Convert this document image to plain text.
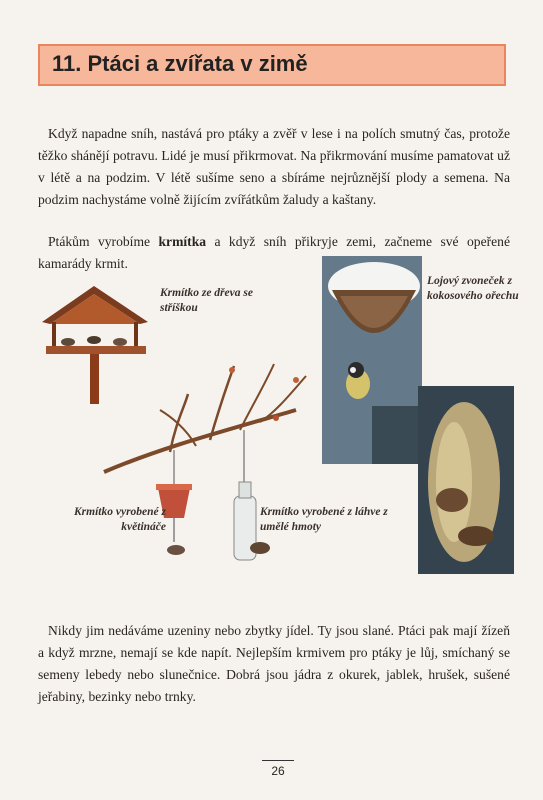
11. Ptáci a zvířata v zimě

Když napadne sníh, nastává pro ptáky a zvěř v lese i na polích smutný čas, protože těžko shánějí potravu. Lidé je musí přikrmovat. Na přikrmování musíme pamatovat už v létě a na podzim. V létě sušíme seno a sbíráme nejrůznější plody a semena. Na podzim nachystáme volně žijícím zvířátkům žaludy a kaštany.

Ptákům vyrobíme krmítka a když sníh přikryje zemi, začneme své opeřené kamarády krmit.

Krmítko ze dřeva se stříškou
Krmítko vyrobené z květináče
Krmítko vyrobené z láhve z umělé hmoty
Lojový zvoneček z kokosového ořechu

Nikdy jim nedáváme uzeniny nebo zbytky jídel. Ty jsou slané. Ptáci pak mají žízeň a když mrzne, nemají se kde napít. Nejlepším krmivem pro ptáky je lůj, smíchaný se semeny lebedy nebo slunečnice. Dobrá jsou jádra z okurek, jablek, hrušek, sušené jeřabiny, bezinky nebo trnky.

26
